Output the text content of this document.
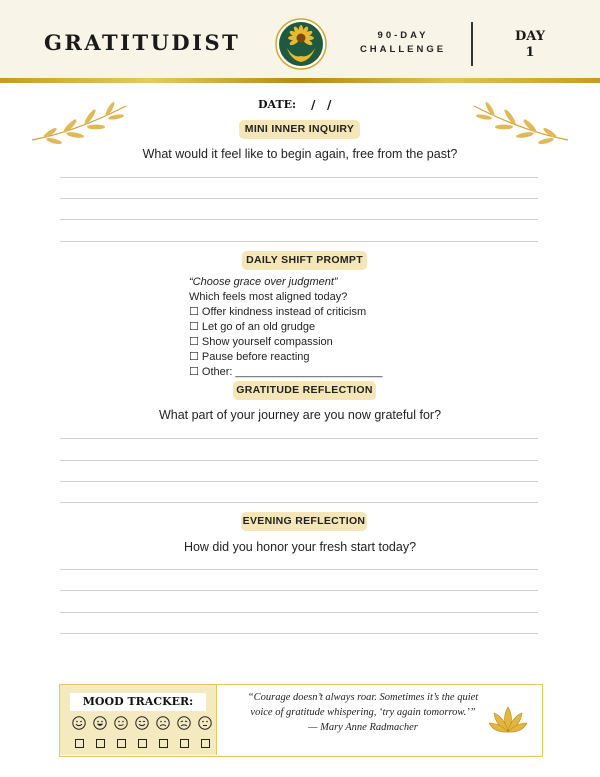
GRATITUDIST	90-DAY
CHALLENGE
DAY
1
DATE: / /
MINI INNER INQUIRY
What would it feel like to begin again, free from the past?
DAILY SHIFT PROMPT
“Choose grace over judgment”
Which feels most aligned today?
☐ Offer kindness instead of criticism
☐ Let go of an old grudge
☐ Show yourself compassion
☐ Pause before reacting
☐ Other: ________________________
GRATITUDE REFLECTION
What part of your journey are you now grateful for?
EVENING REFLECTION
How did you honor your fresh start today?
MOOD TRACKER:	“Courage doesn’t always roar. Sometimes it’s the quiet
voice of gratitude whispering, ‘try again tomorrow.’”
— Mary Anne Radmacher
